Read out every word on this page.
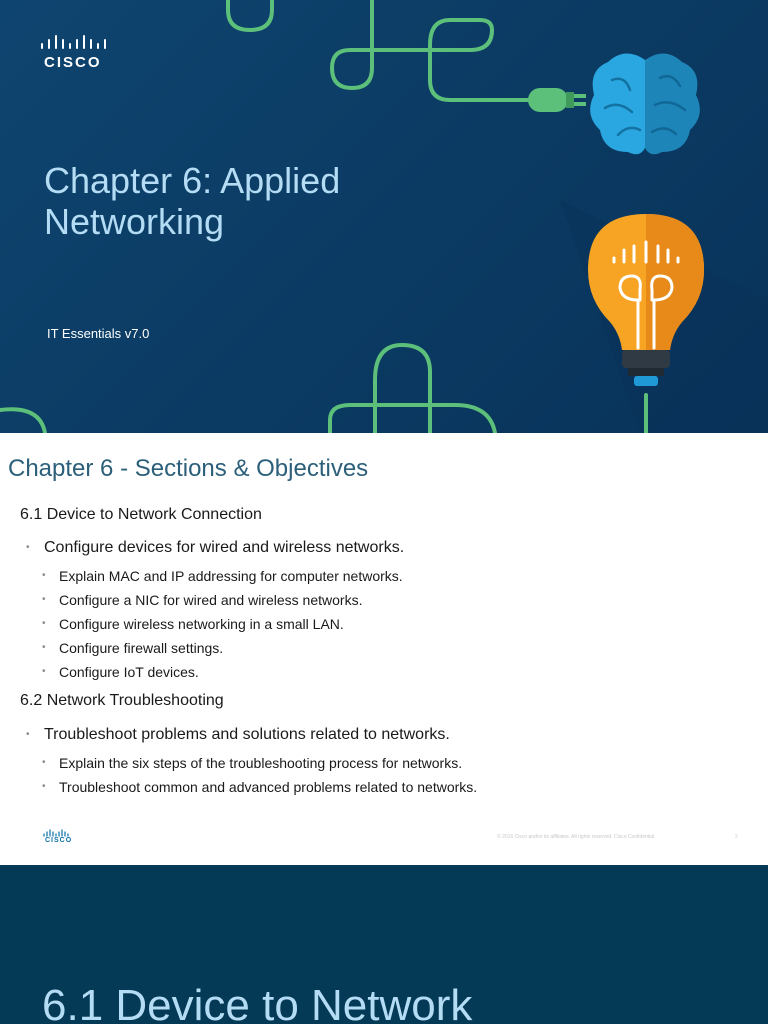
CISCO
Chapter 6: Applied Networking
IT Essentials v7.0
Chapter 6 - Sections & Objectives
6.1 Device to Network Connection
• Configure devices for wired and wireless networks.
• Explain MAC and IP addressing for computer networks.
• Configure a NIC for wired and wireless networks.
• Configure wireless networking in a small LAN.
• Configure firewall settings.
• Configure IoT devices.
6.2 Network Troubleshooting
• Troubleshoot problems and solutions related to networks.
• Explain the six steps of the troubleshooting process for networks.
• Troubleshoot common and advanced problems related to networks.
CISCO	© 2016 Cisco and/or its affiliates. All rights reserved. Cisco Confidential	2
6.1 Device to Network
